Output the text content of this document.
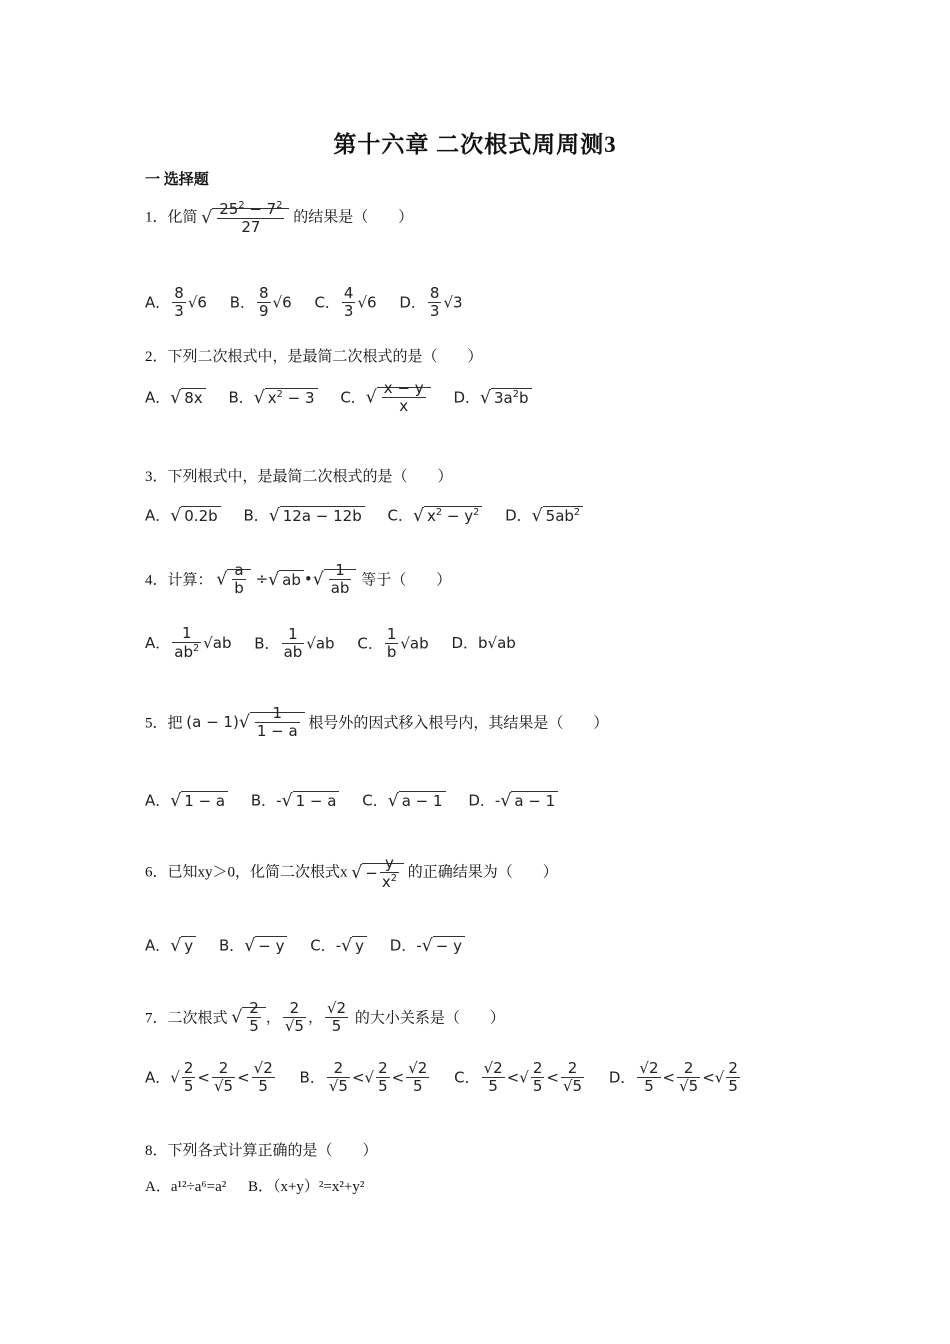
第十六章 二次根式周周测3
一 选择题
1．化简 √ $\frac{25^2 - 7^2}{27}$ 的结果是（　　）
A． $\frac{8}{3} √6$ B． $\frac{8}{9} √6$ C． $\frac{4}{3} √6$ D． $\frac{8}{3} √3$
2．下列二次根式中，是最简二次根式的是（　　）
A．√ 8x B．√ $x^2 - 3$ C．√ $\frac{x - y}{x}$ D．√ $3a^2b$
3．下列根式中，是最简二次根式的是（　　）
A．√ 0.2b B．√ 12a − 12b C．√ $x^2 - y^2$ D．√ $5ab^2$
4．计算： √ $\frac{a}{b}$ ÷√ ab •√ $\frac{1}{ab}$ 等于（　　）
A． $\frac{1}{ab^2} √ab$ B． $\frac{1}{ab} √ab$ C． $\frac{1}{b} √ab$ D．b√ab
5．把 $(a - 1)√ \frac{1}{1 - a}$ 根号外的因式移入根号内，其结果是（　　）
A．√ 1 − a B．-√ 1 − a C．√ a − 1 D．-√ a − 1
6．已知xy＞0，化简二次根式x √ − $\frac{y}{x^2}$ 的正确结果为（　　）
A．√ y B．√ − y C．-√ y D．-√ − y
7．二次根式 √ $\frac{2}{5}$ ， $\frac{2}{√5}$ ， $\frac{√2}{5}$ 的大小关系是（　　）
A．√ $\frac{2}{5} < \frac{2}{√5} < \frac{√2}{5}$ B． $\frac{2}{√5}$ <√ $\frac{2}{5} < \frac{√2}{5}$ C． $\frac{√2}{5}$ <√ $\frac{2}{5} < \frac{2}{√5}$ D． $\frac{√2}{5} < \frac{2}{√5}$ <√ $\frac{2}{5}$
8．下列各式计算正确的是（　　）
A．a¹²÷a⁶=a² B．（x+y）²=x²+y²
